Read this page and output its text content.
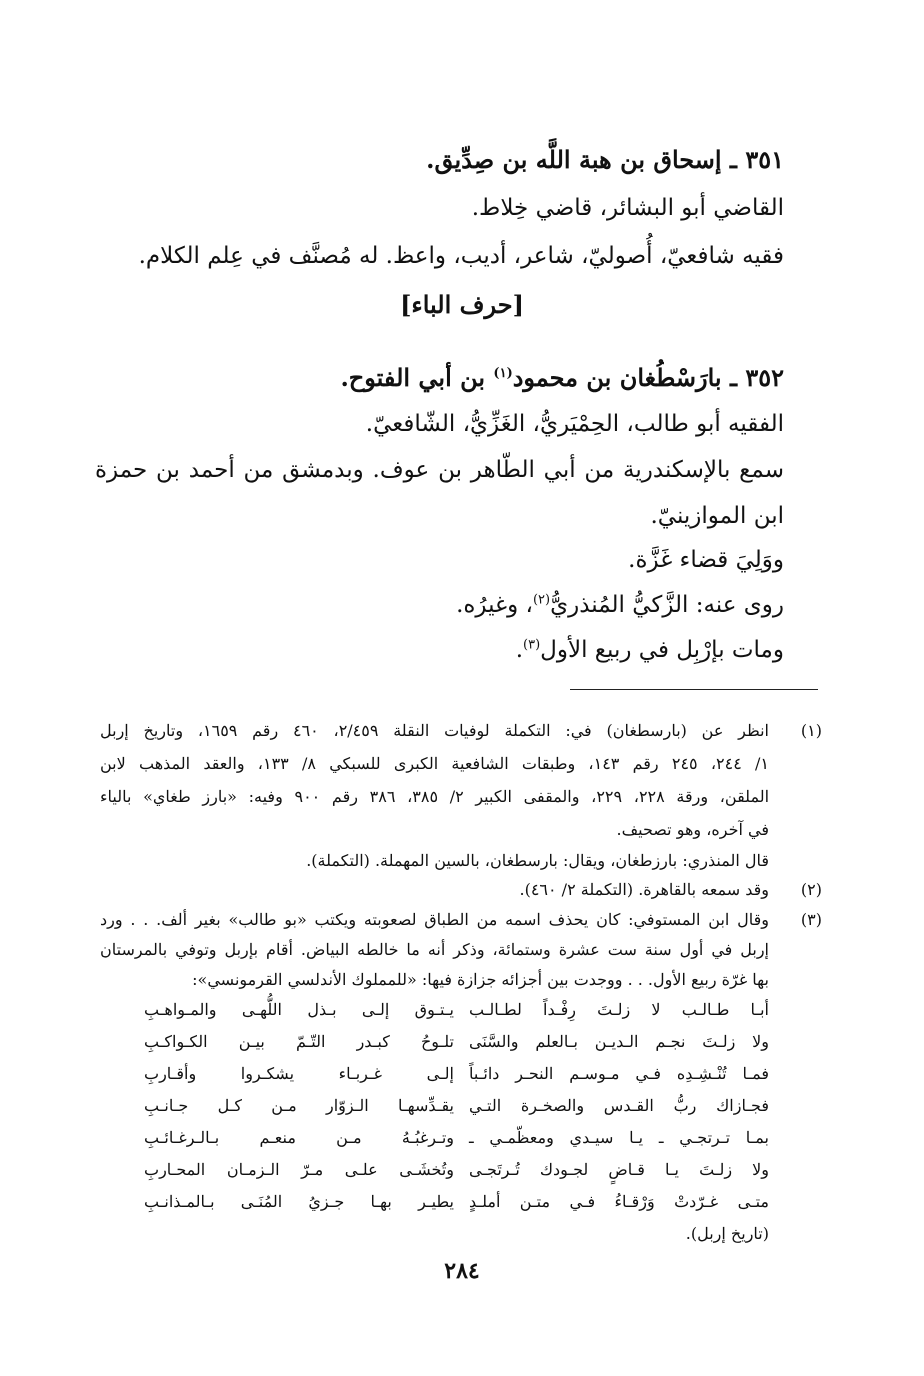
٣٥١ ـ إسحاق بن هبة اللَّه بن صِدِّيق.
القاضي أبو البشائر، قاضي خِلاط.
فقيه شافعيّ، أُصوليّ، شاعر، أديب، واعظ. له مُصنَّف في عِلم الكلام.
[حرف الباء]
٣٥٢ ـ بارَسْطُغان بن محمود$^{(١)}$ بن أبي الفتوح.
الفقيه أبو طالب، الحِمْيَريُّ، الغَزِّيُّ، الشّافعيّ.
سمع بالإسكندرية من أبي الطّاهر بن عوف. وبدمشق من أحمد بن حمزة
ابن الموازينيّ.
ووَلِيَ قضاء غَزَّة.
روى عنه: الزَّكيُّ المُنذريُّ$^{(٢)}$، وغيرُه.
ومات بإرْبِل في ربيع الأول$^{(٣)}$.
(١)
انظر عن (بارسطغان) في: التكملة لوفيات النقلة ٢/٤٥٩، ٤٦٠ رقم ١٦٥٩، وتاريخ إربل
١/ ٢٤٤، ٢٤٥ رقم ١٤٣، وطبقات الشافعية الكبرى للسبكي ٨/ ١٣٣، والعقد المذهب لابن
الملقن، ورقة ٢٢٨، ٢٢٩، والمقفى الكبير ٢/ ٣٨٥، ٣٨٦ رقم ٩٠٠ وفيه: «بارز طغاي» بالياء
في آخره، وهو تصحيف.
قال المنذري: بارزطغان، ويقال: بارسطغان، بالسين المهملة. (التكملة).
(٢)
وقد سمعه بالقاهرة. (التكملة ٢/ ٤٦٠).
(٣)
وقال ابن المستوفي: كان يحذف اسمه من الطباق لصعوبته ويكتب «بو طالب» بغير ألف. . . ورد
إربل في أول سنة ست عشرة وستمائة، وذكر أنه ما خالطه البياض. أقام بإربل وتوفي بالمرستان
بها غرّة ربيع الأول. . . ووجدت بين أجزائه جزازة فيها: «للمملوك الأندلسي القرمونسي»:
أبـا طـالـب لا زلـتَ رِفْـداً لطـالـب
يـتـوق إلـى بـذل اللُّهـى والمـواهـبِ
ولا زلـتَ نجـم الـديـن بـالعلم والسَّنَى
تلـوحُ كبـدر التّـمّ بيـن الكـواكـبِ
فمـا تُنْـشِـدِه فـي مـوسـم النحـر دائـباً
إلـى غـربـاء يشكـروا وأقـاربِ
فجـازاك ربُّ القـدس والصخـرة التـي
يقـدِّسهـا الـزوّار مـن كـل جـانـبِ
بمـا تـرتجـي ـ يـا سيـدي ومعظّمـي ـ
وتـرغبُـهُ مـن منعـم بـالـرغـائـبِ
ولا زلـتَ يـا قـاضٍ لجـودك تُـرتَجـى
وتُخشَـى علـى مـرّ الـزمـان المحـاربِ
متـى غـرّدتْ وَرْقـاءُ فـي متـن أملـدٍ
يطيـر بهـا جـزيُ المُنَـى بـالمـذانـبِ
(تاريخ إربل).
٢٨٤
